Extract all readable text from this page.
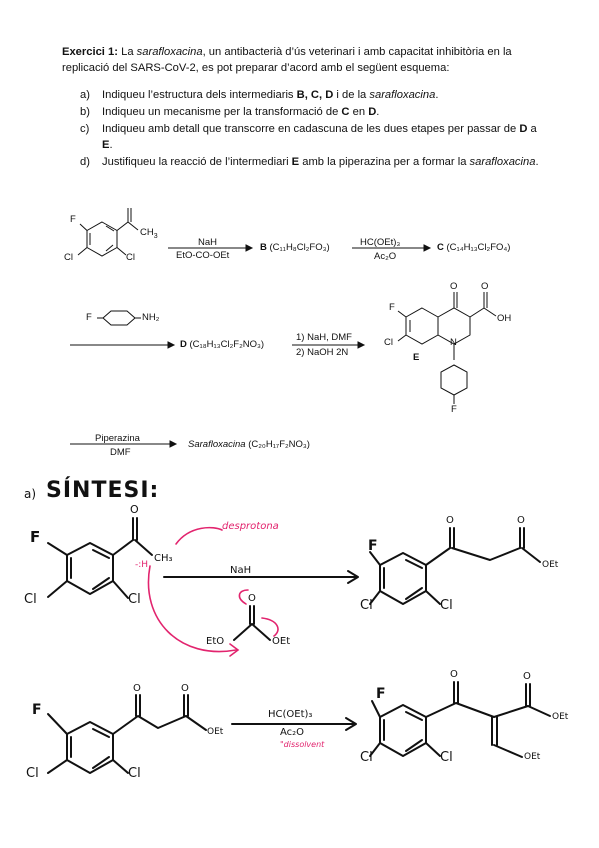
Exercici 1: La sarafloxacina, un antibacterià d’ús veterinari i amb capacitat inhibitòria en la replicació del SARS-CoV-2, es pot preparar d’acord amb el següent esquema:
a) Indiqueu l’estructura dels intermediaris B, C, D i de la sarafloxacina.
b) Indiqueu un mecanisme per la transformació de C en D.
c) Indiqueu amb detall que transcorre en cadascuna de les dues etapes per passar de D a E.
d) Justifiqueu la reacció de l’intermediari E amb la piperazina per a formar la sarafloxacina.
F
$CH_3$
Cl	Cl
NaH
EtO-CO-OEt
B (C₁₁H₈Cl₂FO₃)	HC(OEt)₃
Ac₂O
C (C₁₄H₁₃Cl₂FO₄)
F	NH₂
D (C₁₈H₁₃Cl₂F₂NO₃)
1) NaH, DMF
2) NaOH 2N
F
Cl
O O
OH
N
E
F
Piperazina
DMF
Sarafloxacina (C₂₀H₁₇F₂NO₃)
a) SÍNTESI:
F
O
CH₃
-:H
Cl	Cl
desprotona
NaH
O
EtO	OEt
F
O	O
OEt
Cl	Cl
F
O	O
OEt
Cl	Cl
HC(OEt)₃
Ac₂O
"dissolvent
F
O	O
OEt
OEt
Cl	Cl
